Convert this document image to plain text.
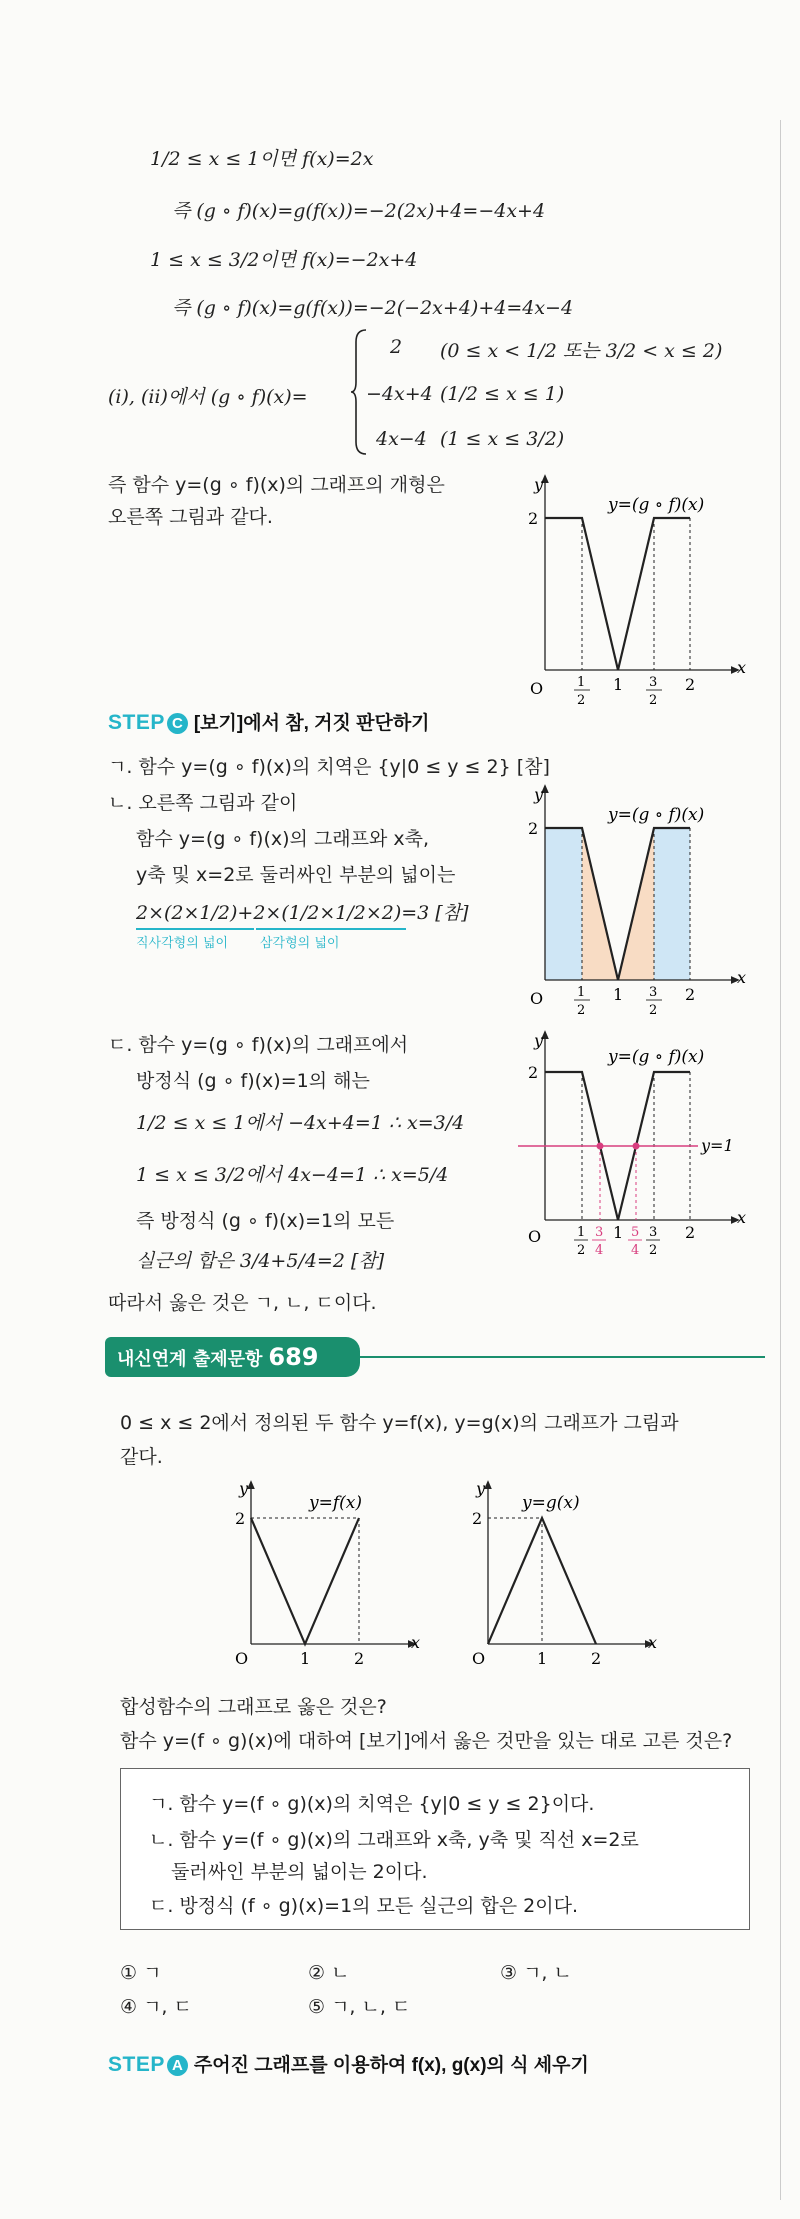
1/2 ≤ x ≤ 1이면 f(x)=2x
즉 (g ∘ f)(x)=g(f(x))=−2(2x)+4=−4x+4
1 ≤ x ≤ 3/2이면 f(x)=−2x+4
즉 (g ∘ f)(x)=g(f(x))=−2(−2x+4)+4=4x−4
(ⅰ), (ⅱ)에서 (g ∘ f)(x)=
2 (0 ≤ x < 1/2 또는 3/2 < x ≤ 2)
−4x+4 (1/2 ≤ x ≤ 1)
4x−4 (1 ≤ x ≤ 3/2)
즉 함수 y=(g ∘ f)(x)의 그래프의 개형은
오른쪽 그림과 같다.
y
x
O
2
1	2
1
2
3
2
y=(g ∘ f)(x)
STEP C [보기]에서 참, 거짓 판단하기
ㄱ. 함수 y=(g ∘ f)(x)의 치역은 {y|0 ≤ y ≤ 2} [참]
ㄴ. 오른쪽 그림과 같이
함수 y=(g ∘ f)(x)의 그래프와 x축,
y축 및 x=2로 둘러싸인 부분의 넓이는
2×(2×1/2)+2×(1/2×1/2×2)=3 [참]
직사각형의 넓이 삼각형의 넓이
y
x
O
2
1	2
1
2
3
2
y=(g ∘ f)(x)
ㄷ. 함수 y=(g ∘ f)(x)의 그래프에서
방정식 (g ∘ f)(x)=1의 해는
1/2 ≤ x ≤ 1에서 −4x+4=1 ∴ x=3/4
1 ≤ x ≤ 3/2에서 4x−4=1 ∴ x=5/4
즉 방정식 (g ∘ f)(x)=1의 모든
실근의 합은 3/4+5/4=2 [참]
따라서 옳은 것은 ㄱ, ㄴ, ㄷ이다.
y=1
y
x
O
2
1	2
1
2
3
4
5
4
3
2
y=(g ∘ f)(x)
내신연계 출제문항 689
0 ≤ x ≤ 2에서 정의된 두 함수 y=f(x), y=g(x)의 그래프가 그림과
같다.
y
x
O
2
1	2
y=f(x)
y
x
O
2
1	2
y=g(x)
합성함수의 그래프로 옳은 것은?
함수 y=(f ∘ g)(x)에 대하여 [보기]에서 옳은 것만을 있는 대로 고른 것은?
ㄱ. 함수 y=(f ∘ g)(x)의 치역은 {y|0 ≤ y ≤ 2}이다.
ㄴ. 함수 y=(f ∘ g)(x)의 그래프와 x축, y축 및 직선 x=2로
둘러싸인 부분의 넓이는 2이다.
ㄷ. 방정식 (f ∘ g)(x)=1의 모든 실근의 합은 2이다.
① ㄱ	② ㄴ	③ ㄱ, ㄴ
④ ㄱ, ㄷ	⑤ ㄱ, ㄴ, ㄷ
STEP A 주어진 그래프를 이용하여 f(x), g(x)의 식 세우기
